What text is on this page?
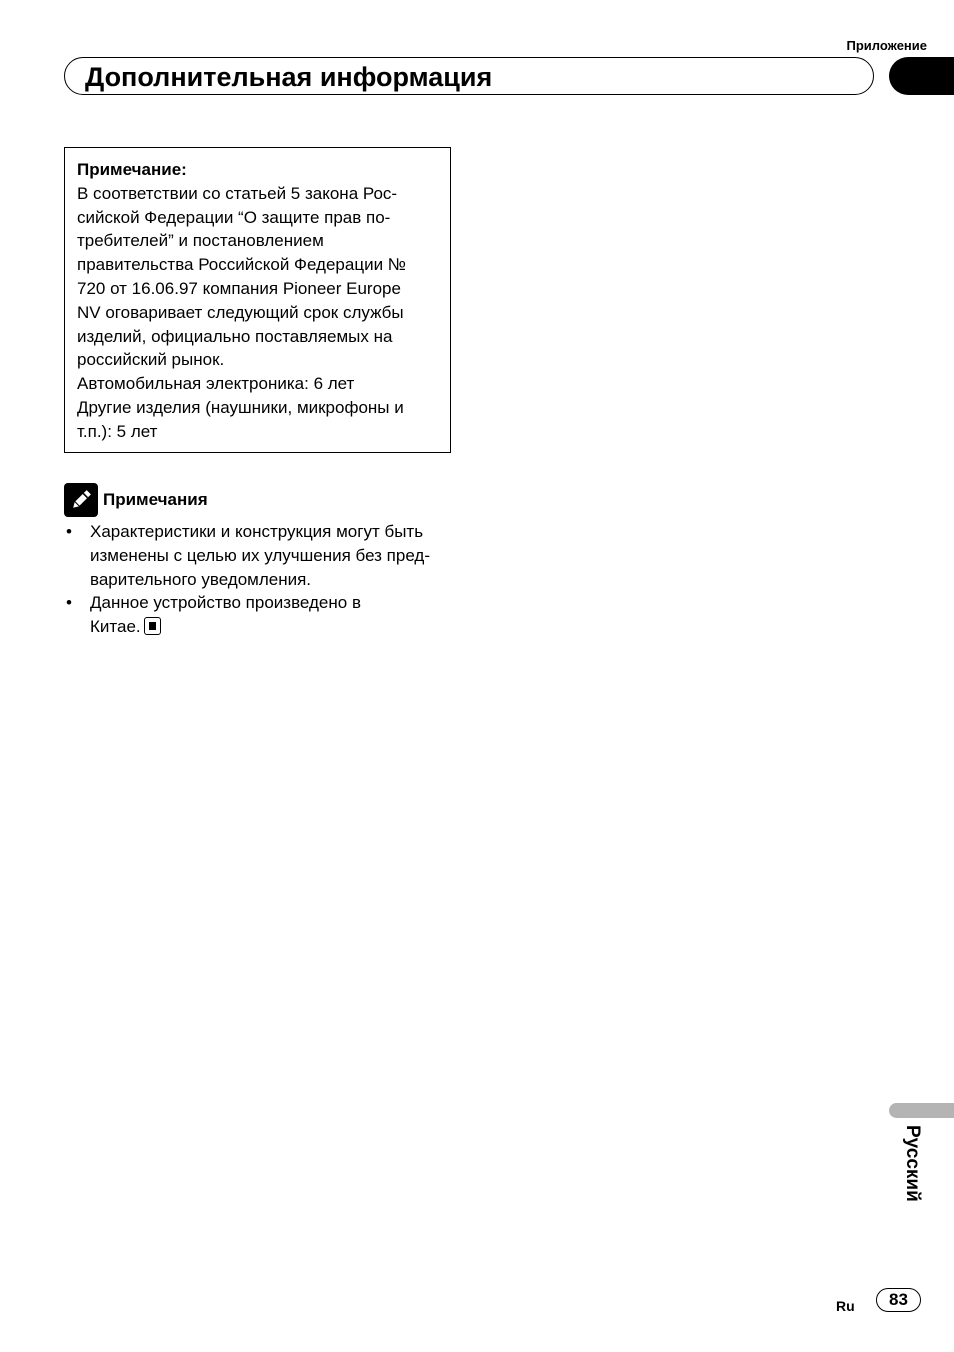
Приложение
Дополнительная информация
Примечание:
В соответствии со статьей 5 закона Рос-
сийской Федерации “О защите прав по-
требителей” и постановлением
правительства Российской Федерации №
720 от 16.06.97 компания Pioneer Europe
NV оговаривает следующий срок службы
изделий, официально поставляемых на
российский рынок.
Автомобильная электроника: 6 лет
Другие изделия (наушники, микрофоны и
т.п.): 5 лет
Примечания
• Характеристики и конструкция могут быть
изменены с целью их улучшения без пред-
варительного уведомления.
• Данное устройство произведено в
Китае.
Русский
Ru	83
